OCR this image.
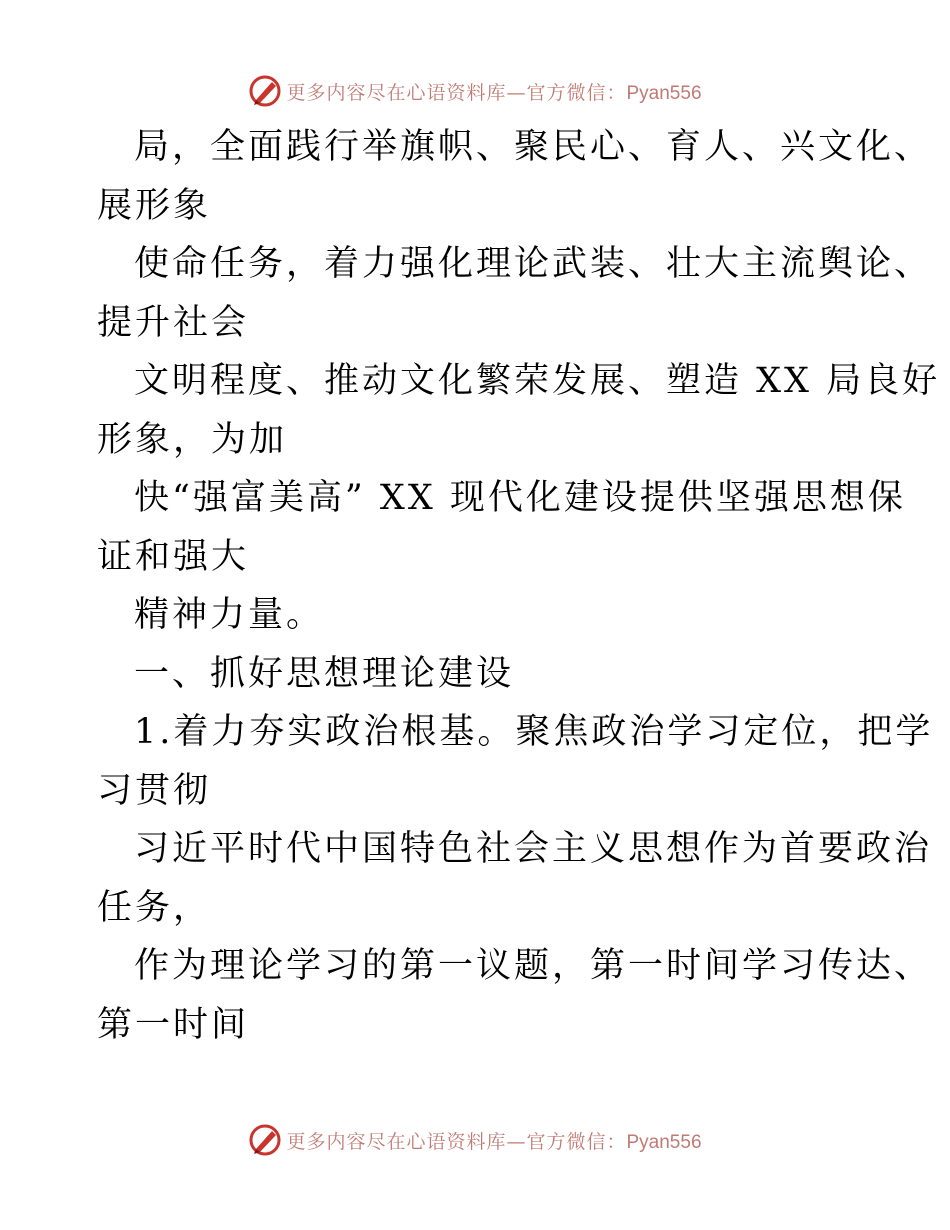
更多内容尽在心语资料库—官方微信：Pyan556
局，全面践行举旗帜、聚民心、育人、兴文化、
展形象
使命任务，着力强化理论武装、壮大主流舆论、
提升社会
文明程度、推动文化繁荣发展、塑造 XX 局良好
形象，为加
快“强富美高” XX 现代化建设提供坚强思想保
证和强大
精神力量。
一、抓好思想理论建设
1.着力夯实政治根基。聚焦政治学习定位，把学
习贯彻
习近平时代中国特色社会主义思想作为首要政治
任务，
作为理论学习的第一议题，第一时间学习传达、
第一时间
更多内容尽在心语资料库—官方微信：Pyan556
